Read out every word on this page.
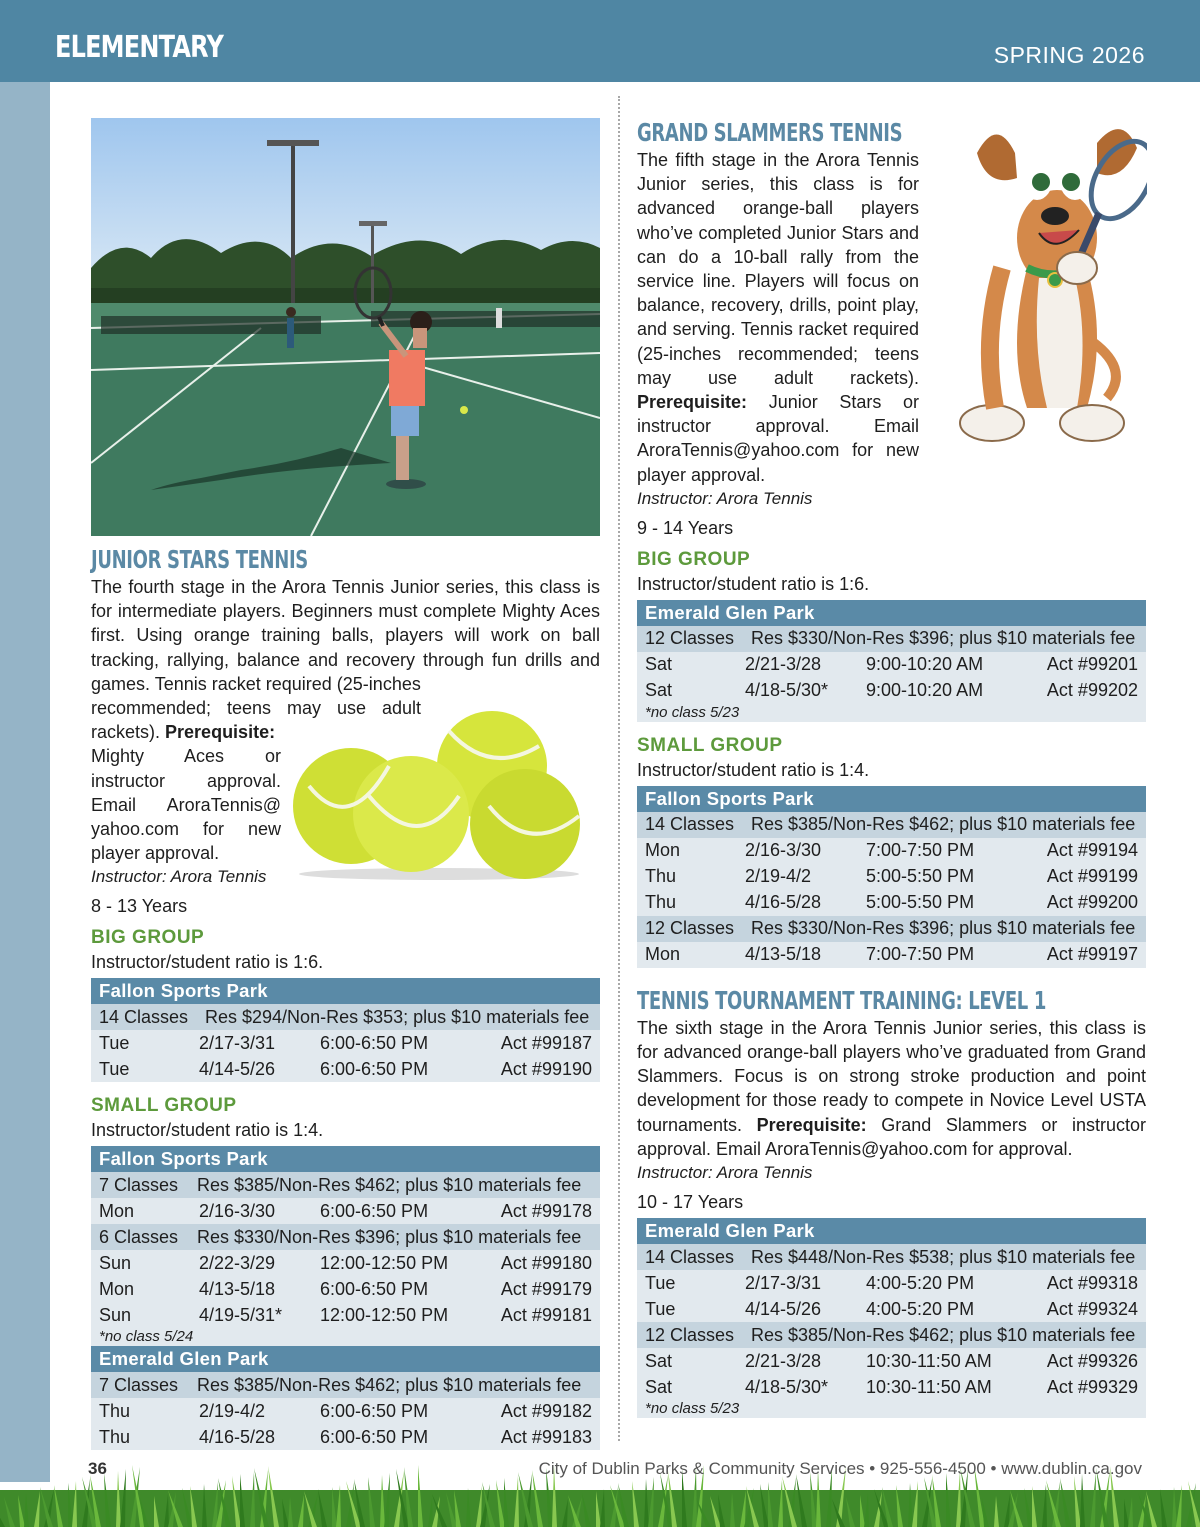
ELEMENTARY	SPRING 2026
JUNIOR STARS TENNIS
The fourth stage in the Arora Tennis Junior series, this class is for intermediate players. Beginners must complete Mighty Aces first. Using orange training balls, players will work on ball tracking, rallying, balance and recovery through fun drills and games. Tennis racket required (25-inches
recommended; teens may use adult rackets). Prerequisite:
Mighty Aces or instructor approval. Email AroraTennis@ yahoo.com for new player approval.
Instructor: Arora Tennis
8 - 13 Years
BIG GROUP
Instructor/student ratio is 1:6.
Fallon Sports Park			
14 Classes Res $294/Non-Res $353; plus $10 materials fee			
Tue	2/17-3/31	6:00-6:50 PM	Act #99187
Tue	4/14-5/26	6:00-6:50 PM	Act #99190
SMALL GROUP
Instructor/student ratio is 1:4.
Fallon Sports Park			
7 Classes Res $385/Non-Res $462; plus $10 materials fee			
Mon	2/16-3/30	6:00-6:50 PM	Act #99178
6 Classes Res $330/Non-Res $396; plus $10 materials fee			
Sun	2/22-3/29	12:00-12:50 PM	Act #99180
Mon	4/13-5/18	6:00-6:50 PM	Act #99179
Sun	4/19-5/31*	12:00-12:50 PM	Act #99181
*no class 5/24			
Emerald Glen Park			
7 Classes Res $385/Non-Res $462; plus $10 materials fee			
Thu	2/19-4/2	6:00-6:50 PM	Act #99182
Thu	4/16-5/28	6:00-6:50 PM	Act #99183
GRAND SLAMMERS TENNIS
The fifth stage in the Arora Tennis Junior series, this class is for advanced orange-ball players who’ve completed Junior Stars and can do a 10-ball rally from the service line. Players will focus on balance, recovery, drills, point play, and serving. Tennis racket required (25-inches recommended; teens may use adult rackets). Prerequisite: Junior Stars or instructor approval. Email AroraTennis@yahoo.com for new player approval.
Instructor: Arora Tennis
9 - 14 Years
BIG GROUP
Instructor/student ratio is 1:6.
Emerald Glen Park			
12 Classes Res $330/Non-Res $396; plus $10 materials fee			
Sat	2/21-3/28	9:00-10:20 AM	Act #99201
Sat	4/18-5/30*	9:00-10:20 AM	Act #99202
*no class 5/23			
SMALL GROUP
Instructor/student ratio is 1:4.
Fallon Sports Park			
14 Classes Res $385/Non-Res $462; plus $10 materials fee			
Mon	2/16-3/30	7:00-7:50 PM	Act #99194
Thu	2/19-4/2	5:00-5:50 PM	Act #99199
Thu	4/16-5/28	5:00-5:50 PM	Act #99200
12 Classes Res $330/Non-Res $396; plus $10 materials fee			
Mon	4/13-5/18	7:00-7:50 PM	Act #99197
TENNIS TOURNAMENT TRAINING: LEVEL 1
The sixth stage in the Arora Tennis Junior series, this class is for advanced orange-ball players who’ve graduated from Grand Slammers. Focus is on strong stroke production and point development for those ready to compete in Novice Level USTA tournaments. Prerequisite: Grand Slammers or instructor approval. Email AroraTennis@yahoo.com for approval.
Instructor: Arora Tennis
10 - 17 Years
Emerald Glen Park			
14 Classes Res $448/Non-Res $538; plus $10 materials fee			
Tue	2/17-3/31	4:00-5:20 PM	Act #99318
Tue	4/14-5/26	4:00-5:20 PM	Act #99324
12 Classes Res $385/Non-Res $462; plus $10 materials fee			
Sat	2/21-3/28	10:30-11:50 AM	Act #99326
Sat	4/18-5/30*	10:30-11:50 AM	Act #99329
*no class 5/23			
36	City of Dublin Parks & Community Services • 925-556-4500 • www.dublin.ca.gov
